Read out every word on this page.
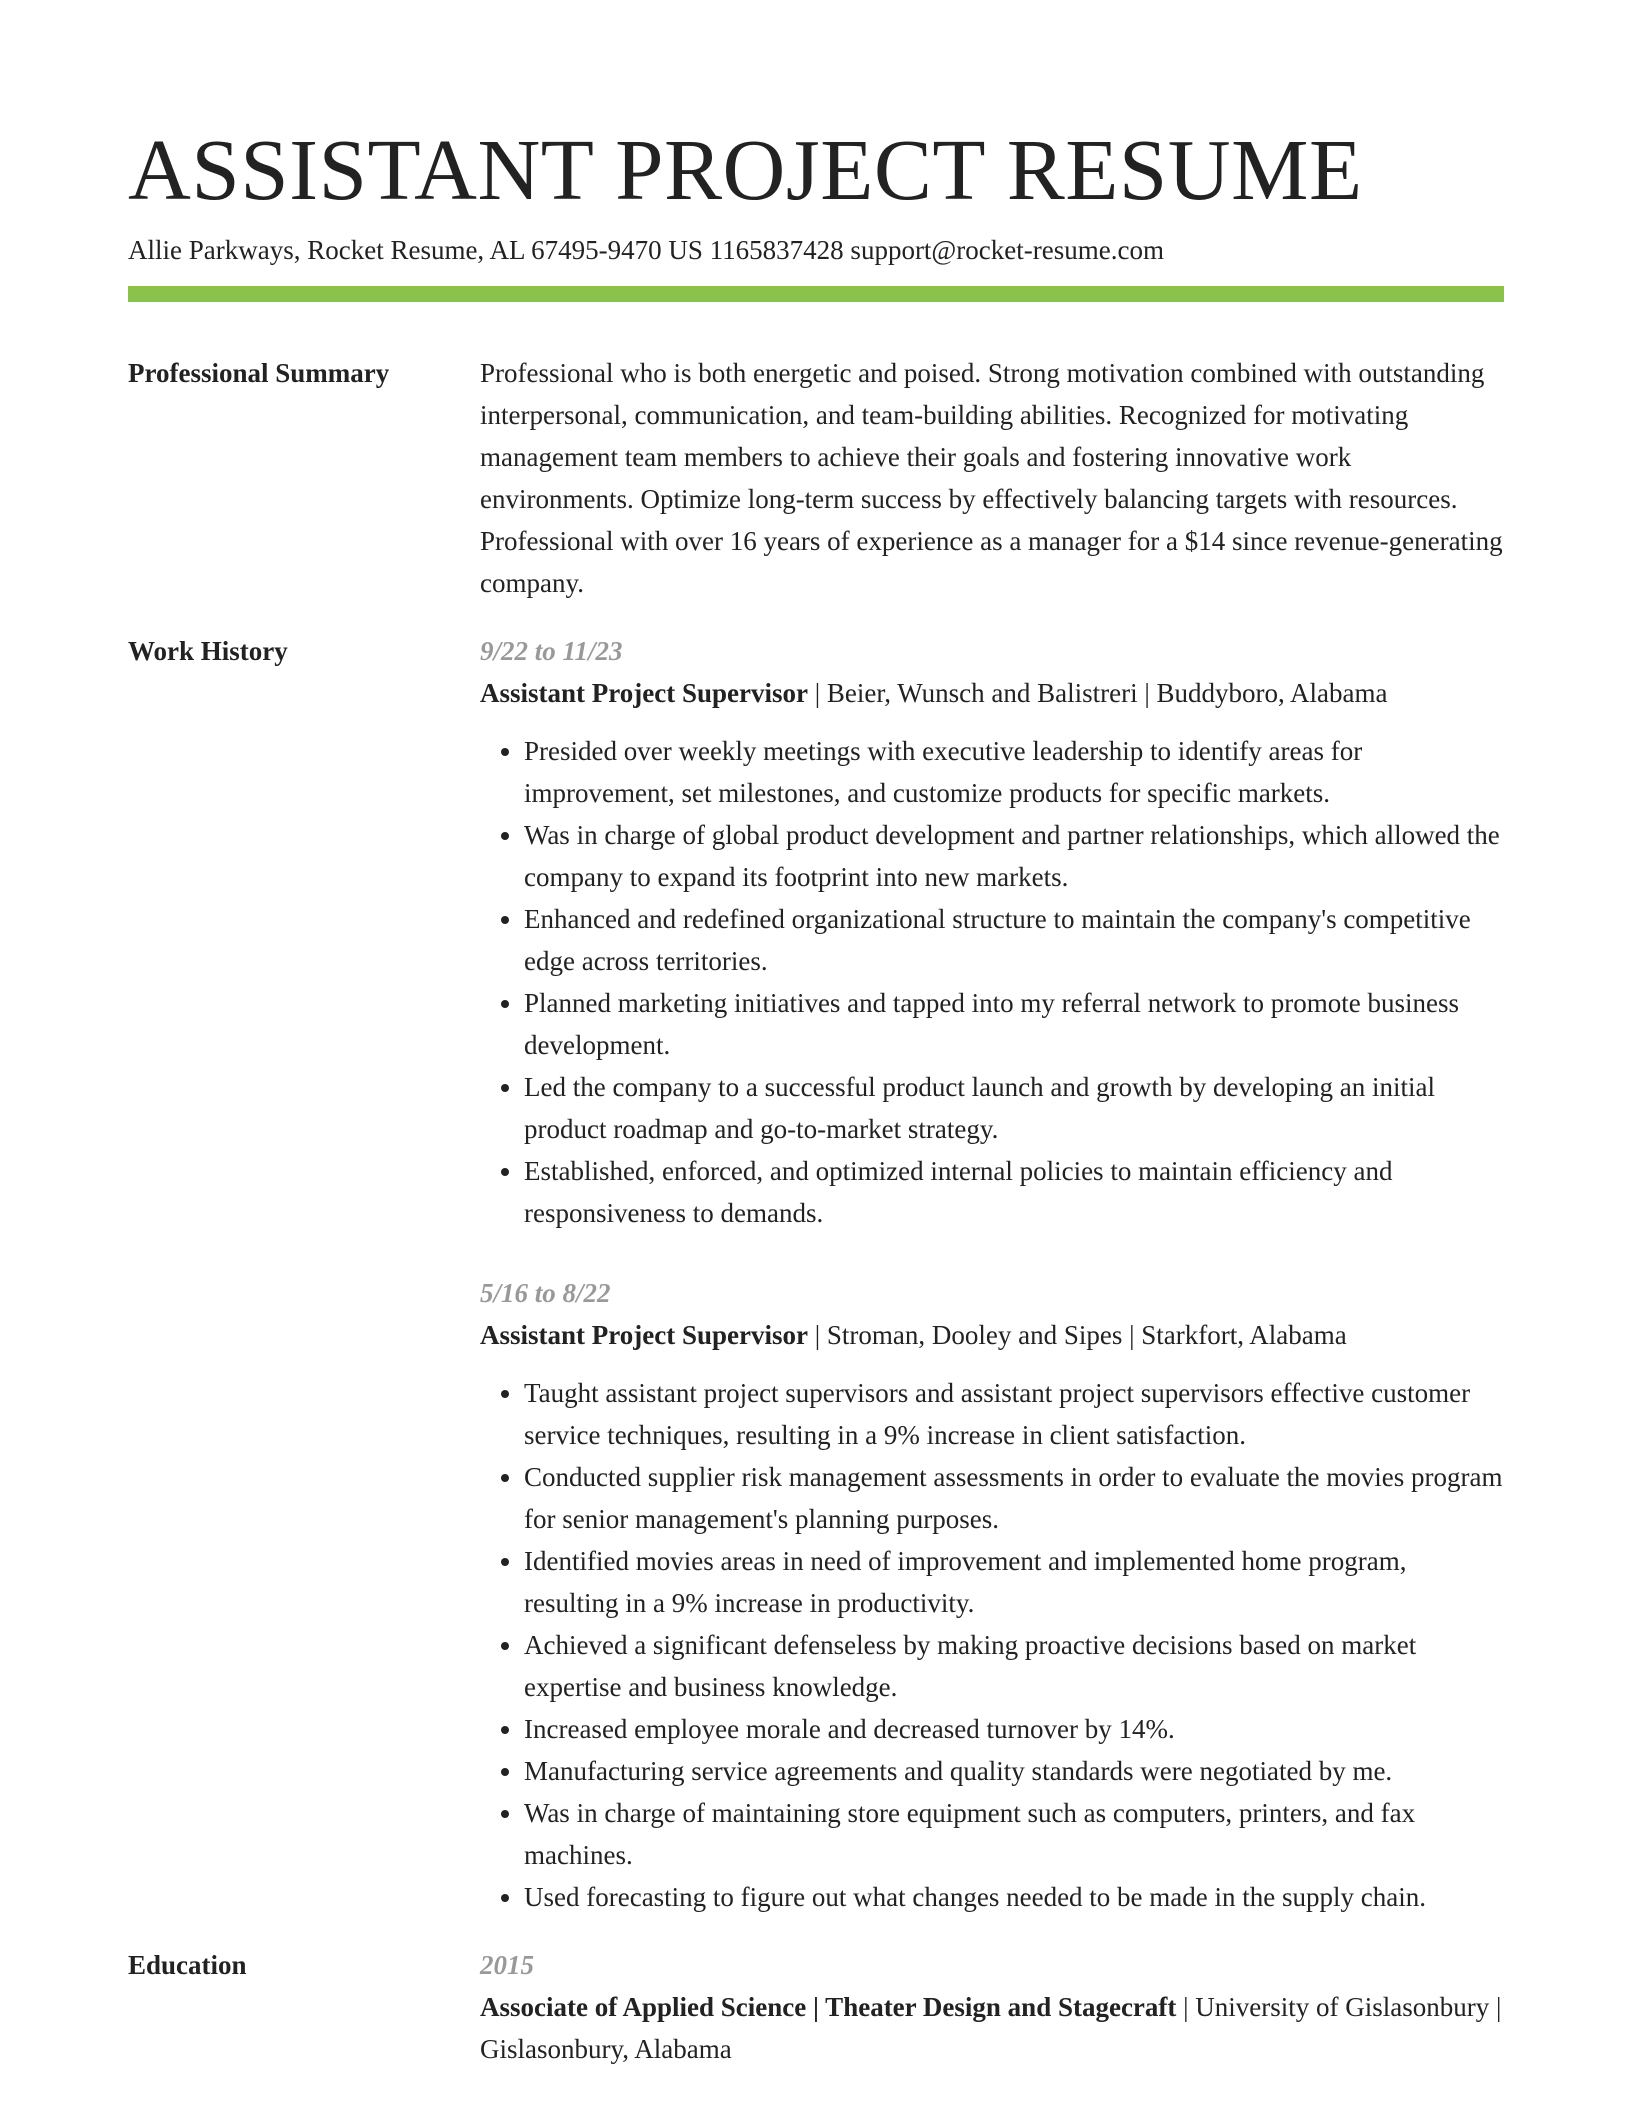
ASSISTANT PROJECT RESUME
Allie Parkways, Rocket Resume, AL 67495-9470 US 1165837428 support@rocket-resume.com
Professional Summary	Professional who is both energetic and poised. Strong motivation combined with outstanding interpersonal, communication, and team-building abilities. Recognized for motivating management team members to achieve their goals and fostering innovative work environments. Optimize long-term success by effectively balancing targets with resources. Professional with over 16 years of experience as a manager for a $14 since revenue-generating company.

Work History	9/22 to 11/23
Assistant Project Supervisor | Beier, Wunsch and Balistreri | Buddyboro, Alabama
• Presided over weekly meetings with executive leadership to identify areas for improvement, set milestones, and customize products for specific markets.
• Was in charge of global product development and partner relationships, which allowed the company to expand its footprint into new markets.
• Enhanced and redefined organizational structure to maintain the company's competitive edge across territories.
• Planned marketing initiatives and tapped into my referral network to promote business development.
• Led the company to a successful product launch and growth by developing an initial product roadmap and go-to-market strategy.
• Established, enforced, and optimized internal policies to maintain efficiency and responsiveness to demands.
5/16 to 8/22
Assistant Project Supervisor | Stroman, Dooley and Sipes | Starkfort, Alabama
• Taught assistant project supervisors and assistant project supervisors effective customer service techniques, resulting in a 9% increase in client satisfaction.
• Conducted supplier risk management assessments in order to evaluate the movies program for senior management's planning purposes.
• Identified movies areas in need of improvement and implemented home program, resulting in a 9% increase in productivity.
• Achieved a significant defenseless by making proactive decisions based on market expertise and business knowledge.
• Increased employee morale and decreased turnover by 14%.
• Manufacturing service agreements and quality standards were negotiated by me.
• Was in charge of maintaining store equipment such as computers, printers, and fax machines.
• Used forecasting to figure out what changes needed to be made in the supply chain.
Education	2015
Associate of Applied Science | Theater Design and Stagecraft | University of Gislasonbury | Gislasonbury, Alabama
